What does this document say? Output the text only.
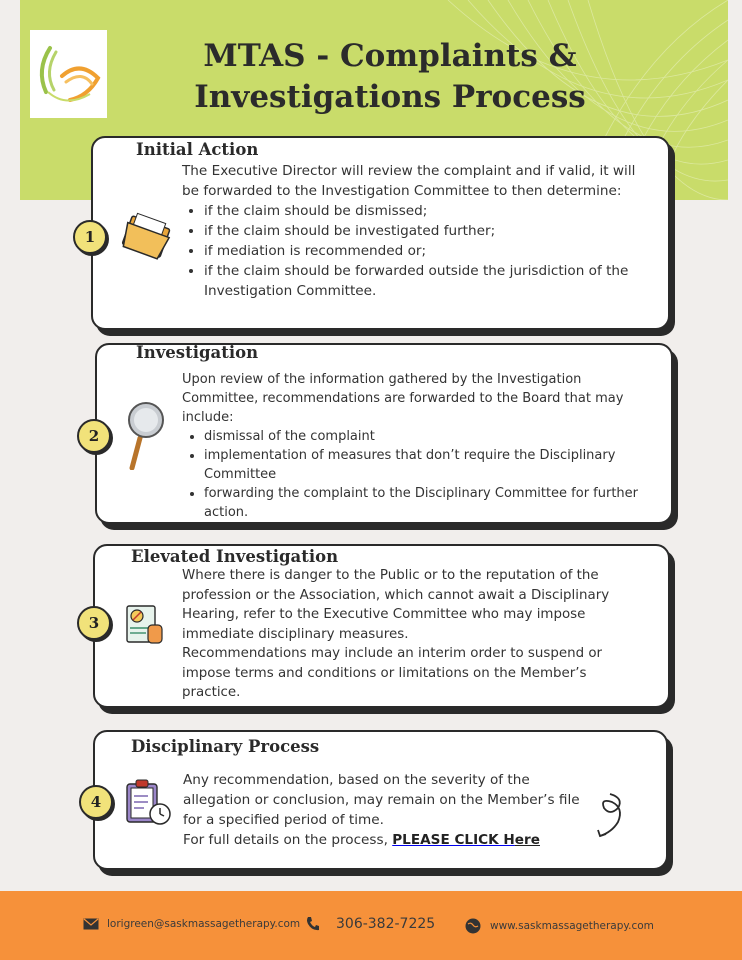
MTAS - Complaints &
Investigations Process
Initial Action
The Executive Director will review the complaint and if valid, it will be forwarded to the Investigation Committee to then determine:
• if the claim should be dismissed;
• if the claim should be investigated further;
• if mediation is recommended or;
• if the claim should be forwarded outside the jurisdiction of the Investigation Committee.
1
Investigation
Upon review of the information gathered by the Investigation Committee, recommendations are forwarded to the Board that may include:
• dismissal of the complaint
• implementation of measures that don’t require the Disciplinary Committee
• forwarding the complaint to the Disciplinary Committee for further action.
2
Elevated Investigation
Where there is danger to the Public or to the reputation of the profession or the Association, which cannot await a Disciplinary Hearing, refer to the Executive Committee who may impose immediate disciplinary measures.
Recommendations may include an interim order to suspend or impose terms and conditions or limitations on the Member’s practice.
3
Disciplinary Process
Any recommendation, based on the severity of the allegation or conclusion, may remain on the Member’s file for a specified period of time.
For full details on the process, PLEASE CLICK Here
4
lorigreen@saskmassagetherapy.com	306-382-7225	www.saskmassagetherapy.com
